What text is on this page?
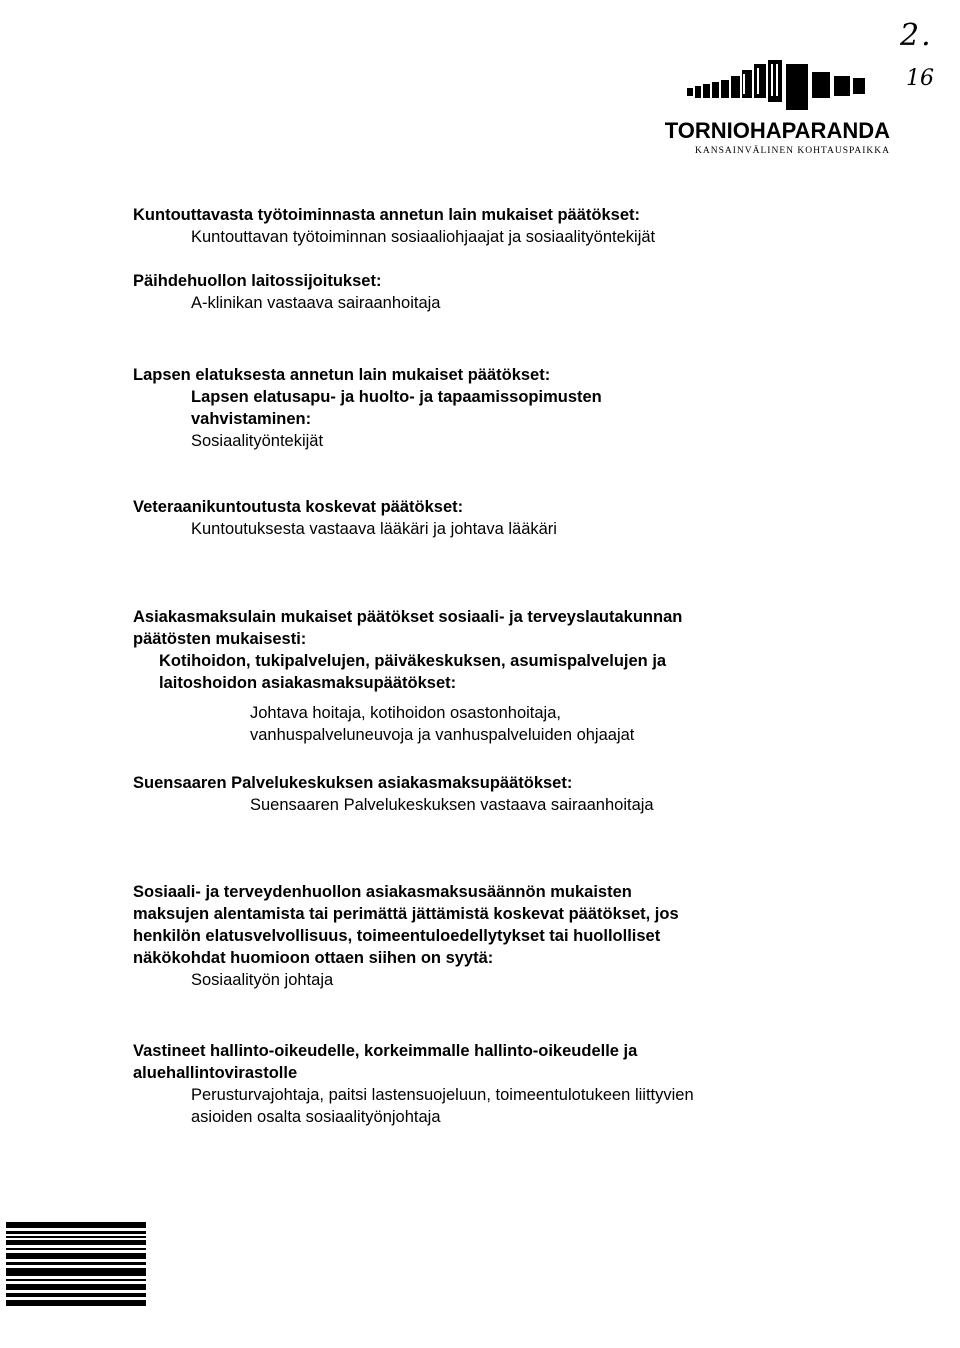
2.
16
TORNIOHAPARANDA
KANSAINVÄLINEN KOHTAUSPAIKKA
Kuntouttavasta työtoiminnasta annetun lain mukaiset päätökset:
Kuntouttavan työtoiminnan sosiaaliohjaajat ja sosiaalityöntekijät
Päihdehuollon laitossijoitukset:
A-klinikan vastaava sairaanhoitaja
Lapsen elatuksesta annetun lain mukaiset päätökset:
Lapsen elatusapu- ja huolto- ja tapaamissopimusten
vahvistaminen:
Sosiaalityöntekijät
Veteraanikuntoutusta koskevat päätökset:
Kuntoutuksesta vastaava lääkäri ja johtava lääkäri
Asiakasmaksulain mukaiset päätökset sosiaali- ja terveyslautakunnan
päätösten mukaisesti:
Kotihoidon, tukipalvelujen, päiväkeskuksen, asumispalvelujen ja
laitoshoidon asiakasmaksupäätökset:
Johtava hoitaja, kotihoidon osastonhoitaja,
vanhuspalveluneuvoja ja vanhuspalveluiden ohjaajat
Suensaaren Palvelukeskuksen asiakasmaksupäätökset:
Suensaaren Palvelukeskuksen vastaava sairaanhoitaja
Sosiaali- ja terveydenhuollon asiakasmaksusäännön mukaisten
maksujen alentamista tai perimättä jättämistä koskevat päätökset, jos
henkilön elatusvelvollisuus, toimeentuloedellytykset tai huollolliset
näkökohdat huomioon ottaen siihen on syytä:
Sosiaalityön johtaja
Vastineet hallinto-oikeudelle, korkeimmalle hallinto-oikeudelle ja
aluehallintovirastolle
Perusturvajohtaja, paitsi lastensuojeluun, toimeentulotukeen liittyvien
asioiden osalta sosiaalityönjohtaja
